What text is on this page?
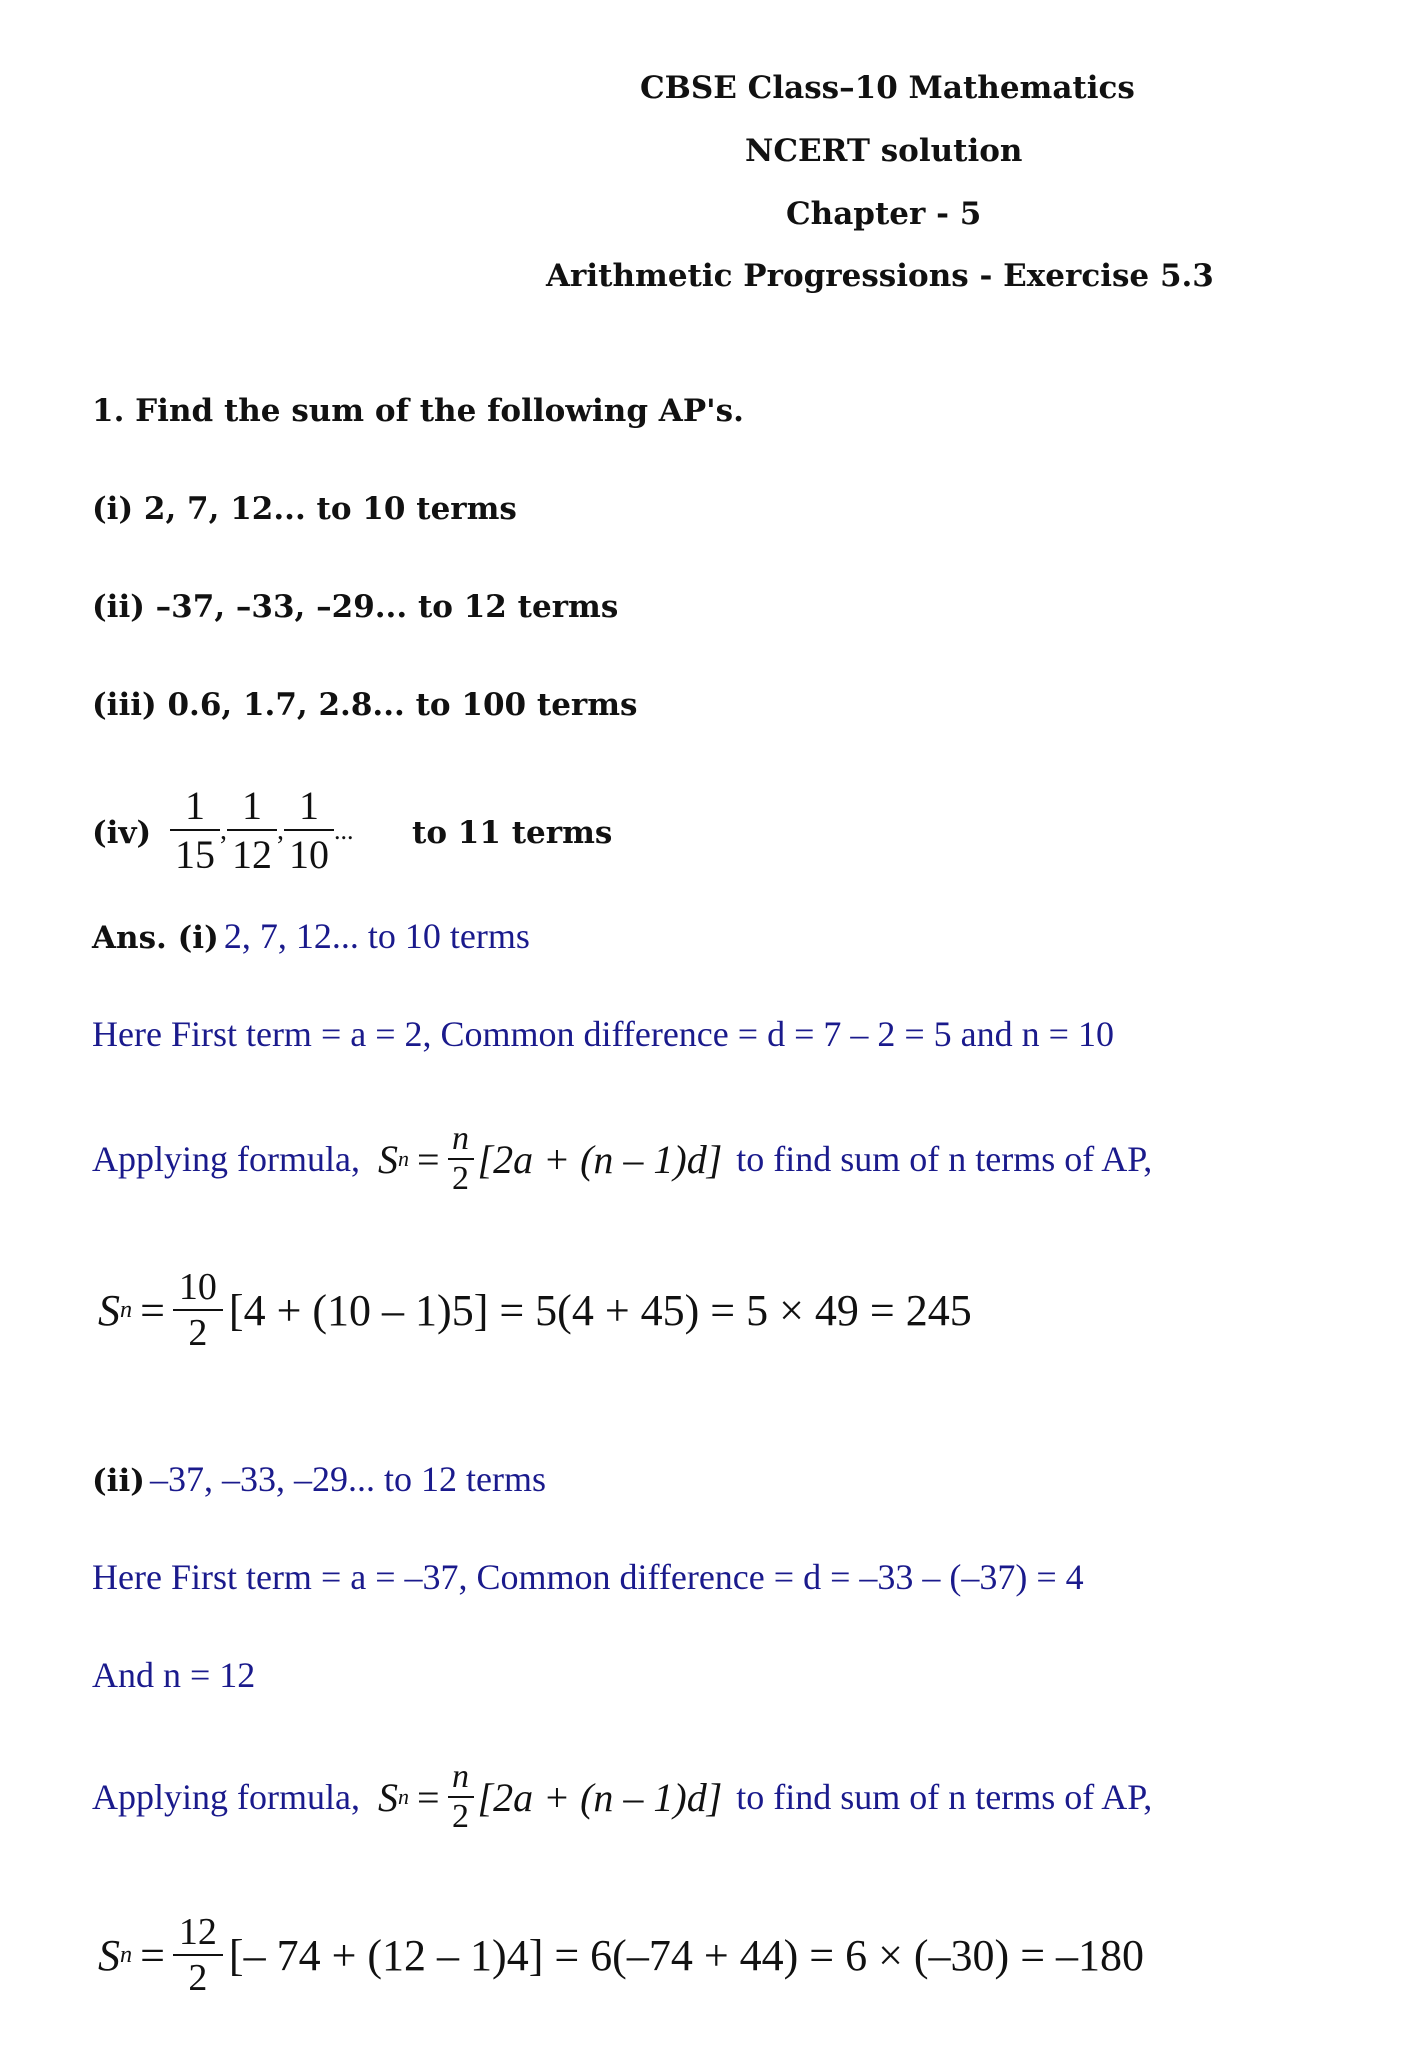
CBSE Class–10 Mathematics
NCERT solution
Chapter - 5
Arithmetic Progressions - Exercise 5.3
1. Find the sum of the following AP's.
(i) 2, 7, 12... to 10 terms
(ii) –37, –33, –29... to 12 terms
(iii) 0.6, 1.7, 2.8... to 100 terms
$(iv) \frac{1}{15}$ , $\frac{1}{12}$ , $\frac{1}{10}$ ... to 11 terms
Ans. (i) 2, 7, 12... to 10 terms
Here First term = a = 2, Common difference = d = 7 – 2 = 5 and n = 10
Applying formula, S $n = \frac{n}{2} [2a + (n - 1)d]$ to find sum of n terms of AP,
S $n = \frac{10}{2} [4 + (10 - 1)5] = 5(4 + 45) = 5 \times 49 = 245$
(ii) –37, –33, –29... to 12 terms
Here First term = a = –37, Common difference = d = –33 – (–37) = 4
And n = 12
Applying formula, S $n = \frac{n}{2} [2a + (n - 1)d]$ to find sum of n terms of AP,
S $n = \frac{12}{2}$ [– 74 + (12 – 1)4] = 6(–74 + 44) = 6 × (–30) = –180
